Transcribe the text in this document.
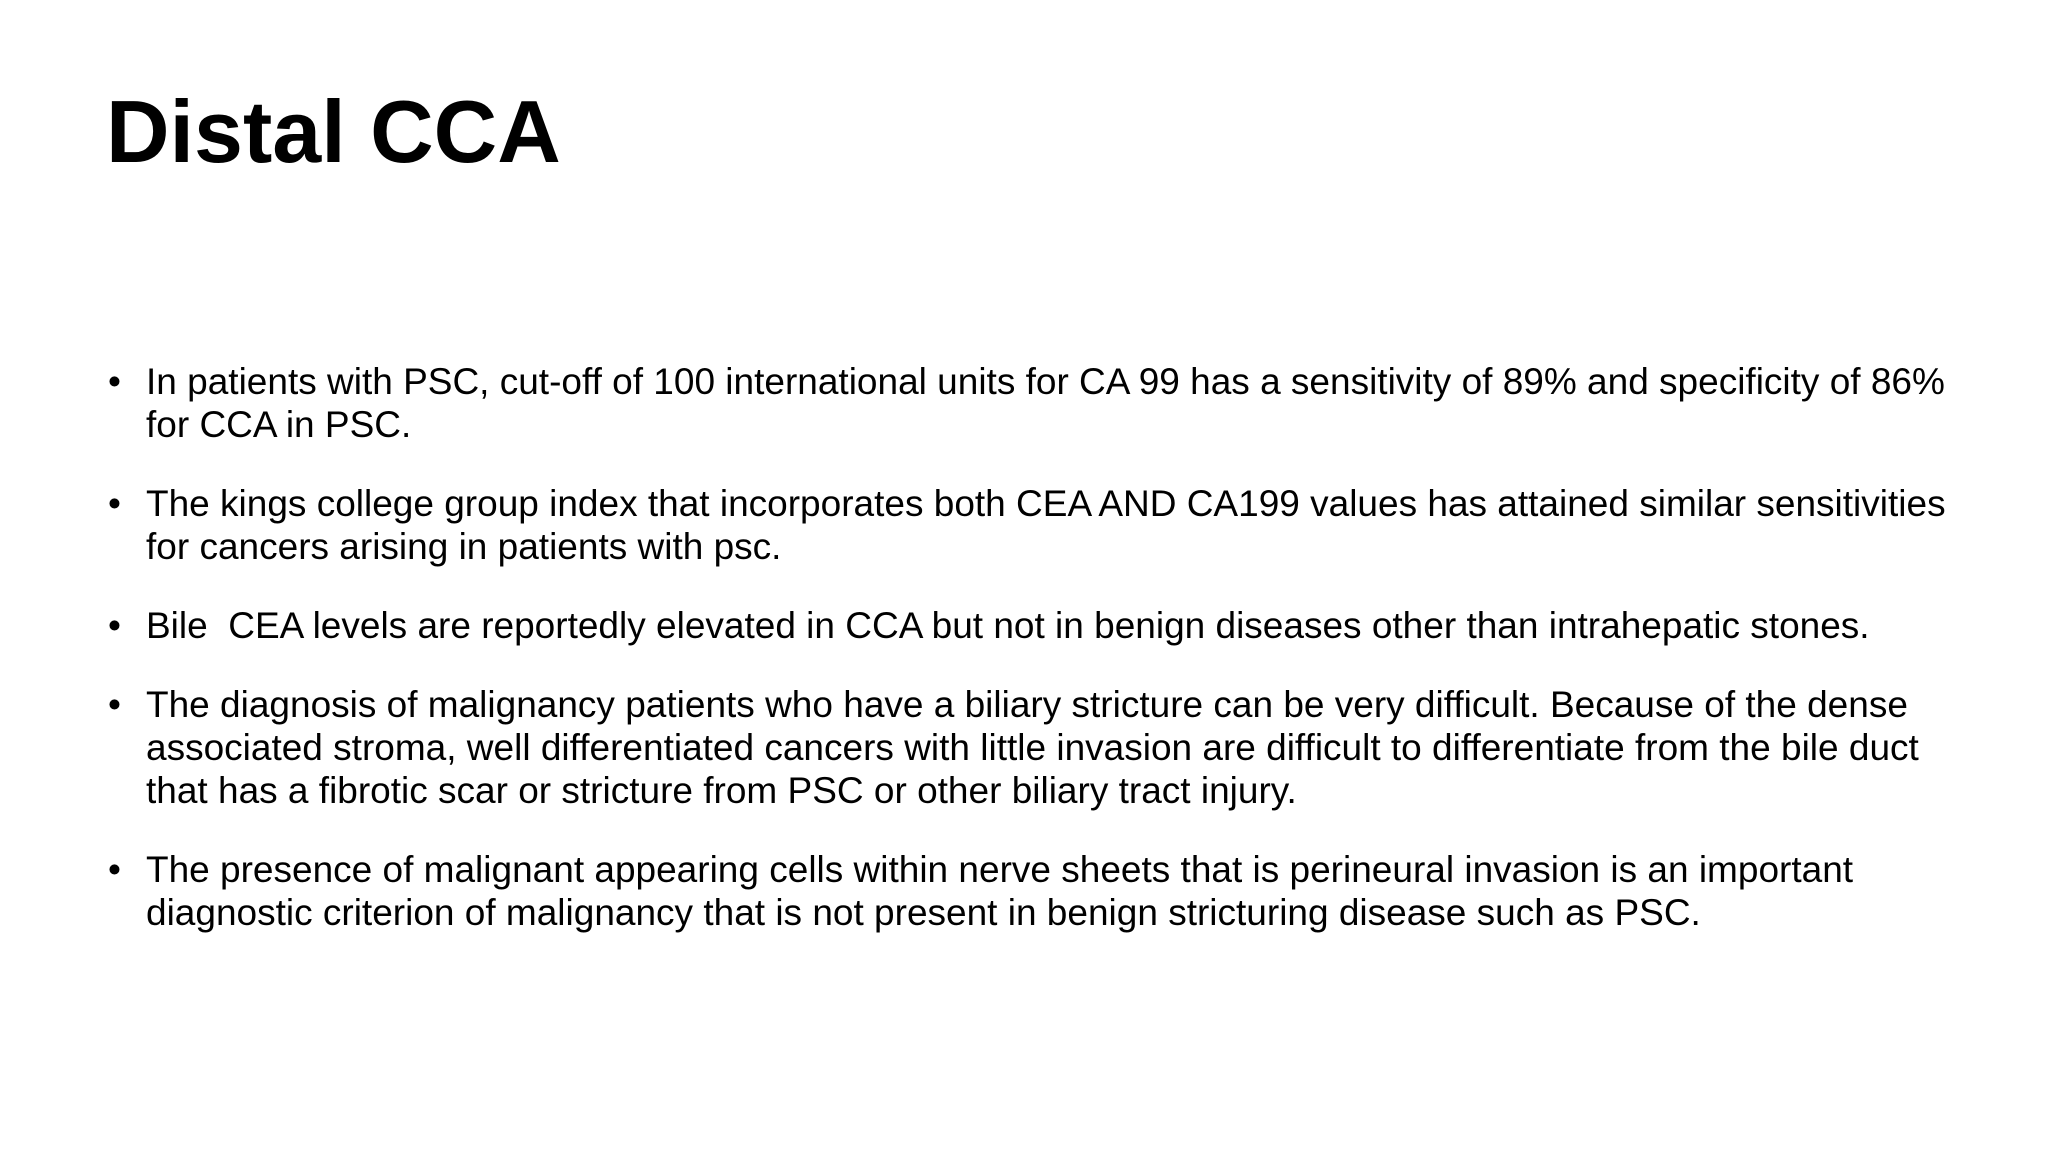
Distal CCA
• In patients with PSC, cut-off of 100 international units for CA 99 has a sensitivity of 89% and specificity of 86% for CCA in PSC.
• The kings college group index that incorporates both CEA AND CA199 values has attained similar sensitivities for cancers arising in patients with psc.
• Bile  CEA levels are reportedly elevated in CCA but not in benign diseases other than intrahepatic stones.
• The diagnosis of malignancy patients who have a biliary stricture can be very difficult. Because of the dense associated stroma, well differentiated cancers with little invasion are difficult to differentiate from the bile duct that has a fibrotic scar or stricture from PSC or other biliary tract injury.
• The presence of malignant appearing cells within nerve sheets that is perineural invasion is an important diagnostic criterion of malignancy that is not present in benign stricturing disease such as PSC.
